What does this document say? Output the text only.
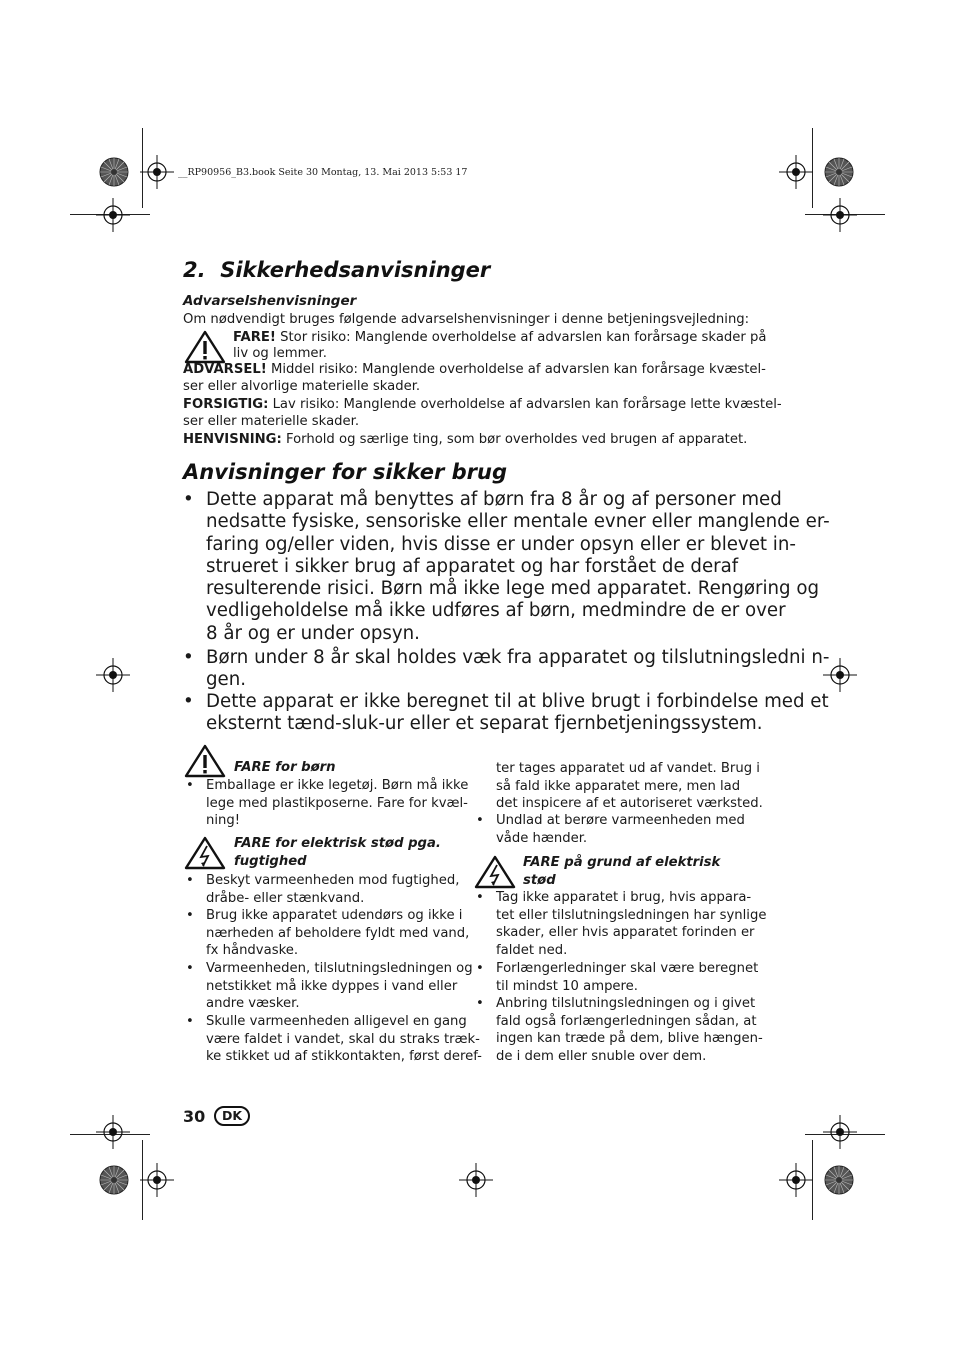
__RP90956_B3.book Seite 30 Montag, 13. Mai 2013 5:53 17
2.  Sikkerhedsanvisninger
Advarselshenvisninger
Om nødvendigt bruges følgende advarselshenvisninger i denne betjeningsvejledning:
FARE! Stor risiko: Manglende overholdelse af advarslen kan forårsage skader på
liv og lemmer.
ADVARSEL! Middel risiko: Manglende overholdelse af advarslen kan forårsage kvæstel-
ser eller alvorlige materielle skader.
FORSIGTIG: Lav risiko: Manglende overholdelse af advarslen kan forårsage lette kvæstel-
ser eller materielle skader.
HENVISNING: Forhold og særlige ting, som bør overholdes ved brugen af apparatet.
Anvisninger for sikker brug
• Dette apparat må benyttes af børn fra 8 år og af personer med
nedsatte fysiske, sensoriske eller mentale evner eller manglende er-
faring og/eller viden, hvis disse er under opsyn eller er blevet in-
strueret i sikker brug af apparatet og har forstået de deraf
resulterende risici. Børn må ikke lege med apparatet. Rengøring og
vedligeholdelse må ikke udføres af børn, medmindre de er over
8 år og er under opsyn.
• Børn under 8 år skal holdes væk fra apparatet og tilslutningsledni n-
gen.
• Dette apparat er ikke beregnet til at blive brugt i forbindelse med et
eksternt tænd-sluk-ur eller et separat fjernbetjeningssystem.
FARE for børn
• Emballage er ikke legetøj. Børn må ikke
lege med plastikposerne. Fare for kvæl-
ning!
FARE for elektrisk stød pga.
fugtighed
• Beskyt varmeenheden mod fugtighed,
dråbe- eller stænkvand.
• Brug ikke apparatet udendørs og ikke i
nærheden af beholdere fyldt med vand,
fx håndvaske.
• Varmeenheden, tilslutningsledningen og
netstikket må ikke dyppes i vand eller
andre væsker.
• Skulle varmeenheden alligevel en gang
være faldet i vandet, skal du straks træk-
ke stikket ud af stikkontakten, først deref-
ter tages apparatet ud af vandet. Brug i
så fald ikke apparatet mere, men lad
det inspicere af et autoriseret værksted.
• Undlad at berøre varmeenheden med
våde hænder.
FARE på grund af elektrisk
stød
• Tag ikke apparatet i brug, hvis appara-
tet eller tilslutningsledningen har synlige
skader, eller hvis apparatet forinden er
faldet ned.
• Forlængerledninger skal være beregnet
til mindst 10 ampere.
• Anbring tilslutningsledningen og i givet
fald også forlængerledningen sådan, at
ingen kan træde på dem, blive hængen-
de i dem eller snuble over dem.
30	DK
